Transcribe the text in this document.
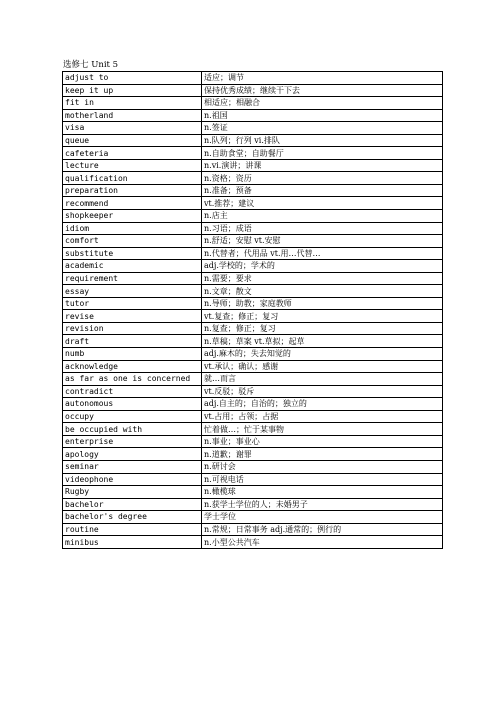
选修七 Unit 5
adjust to	适应；调节
keep it up	保持优秀成绩；继续干下去
fit in	相适应；相融合
motherland	n.祖国
visa	n.签证
queue	n.队列；行列 vi.排队
cafeteria	n.自助食堂；自助餐厅
lecture	n.vi.演讲；讲课
qualification	n.资格；资历
preparation	n.准备；预备
recommend	vt.推荐；建议
shopkeeper	n.店主
idiom	n.习语；成语
comfort	n.舒适；安慰 vt.安慰
substitute	n.代替者；代用品 vt.用…代替…
academic	adj.学校的；学术的
requirement	n.需要；要求
essay	n.文章；散文
tutor	n.导师；助教；家庭教师
revise	vt.复查；修正；复习
revision	n.复查；修正；复习
draft	n.草稿；草案 vt.草拟；起草
numb	adj.麻木的；失去知觉的
acknowledge	vt.承认；确认；感谢
as far as one is concerned	就…而言
contradict	vt.反驳；驳斥
autonomous	adj.自主的；自治的；独立的
occupy	vt.占用；占领；占据
be occupied with	忙着做…；忙于某事物
enterprise	n.事业；事业心
apology	n.道歉；谢罪
seminar	n.研讨会
videophone	n.可视电话
Rugby	n.橄榄球
bachelor	n.获学士学位的人；未婚男子
bachelor's degree	学士学位
routine	n.常规；日常事务 adj.通常的；例行的
minibus	n.小型公共汽车
